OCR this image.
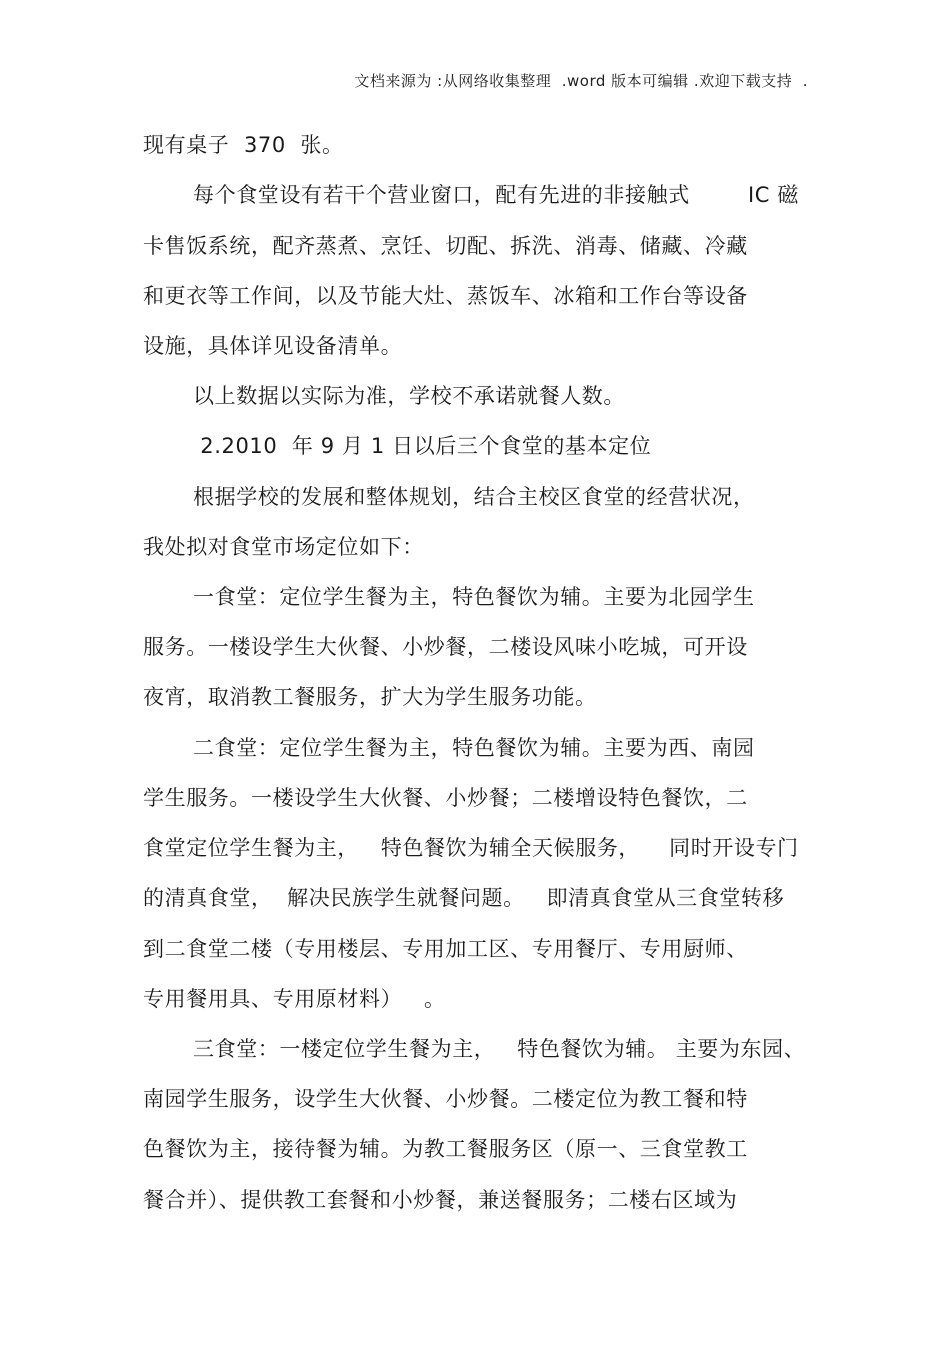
文档来源为 :从网络收集整理  .word 版本可编辑 .欢迎下载支持  .
现有桌子  370  张。
每个食堂设有若干个营业窗口，配有先进的非接触式        IC 磁
卡售饭系统，配齐蒸煮、烹饪、切配、拆洗、消毒、储藏、冷藏
和更衣等工作间，以及节能大灶、蒸饭车、冰箱和工作台等设备
设施，具体详见设备清单。
以上数据以实际为准，学校不承诺就餐人数。
2.2010  年 9 月 1 日以后三个食堂的基本定位
根据学校的发展和整体规划，结合主校区食堂的经营状况，
我处拟对食堂市场定位如下：
一食堂：定位学生餐为主，特色餐饮为辅。主要为北园学生
服务。一楼设学生大伙餐、小炒餐，二楼设风味小吃城，可开设
夜宵，取消教工餐服务，扩大为学生服务功能。
二食堂：定位学生餐为主，特色餐饮为辅。主要为西、南园
学生服务。一楼设学生大伙餐、小炒餐；二楼增设特色餐饮，二
食堂定位学生餐为主，   特色餐饮为辅全天候服务，    同时开设专门
的清真食堂，  解决民族学生就餐问题。   即清真食堂从三食堂转移
到二食堂二楼（专用楼层、专用加工区、专用餐厅、专用厨师、
专用餐用具、专用原材料）   。
三食堂：一楼定位学生餐为主，   特色餐饮为辅。 主要为东园、
南园学生服务，设学生大伙餐、小炒餐。二楼定位为教工餐和特
色餐饮为主，接待餐为辅。为教工餐服务区（原一、三食堂教工
餐合并）、提供教工套餐和小炒餐，兼送餐服务；二楼右区域为
